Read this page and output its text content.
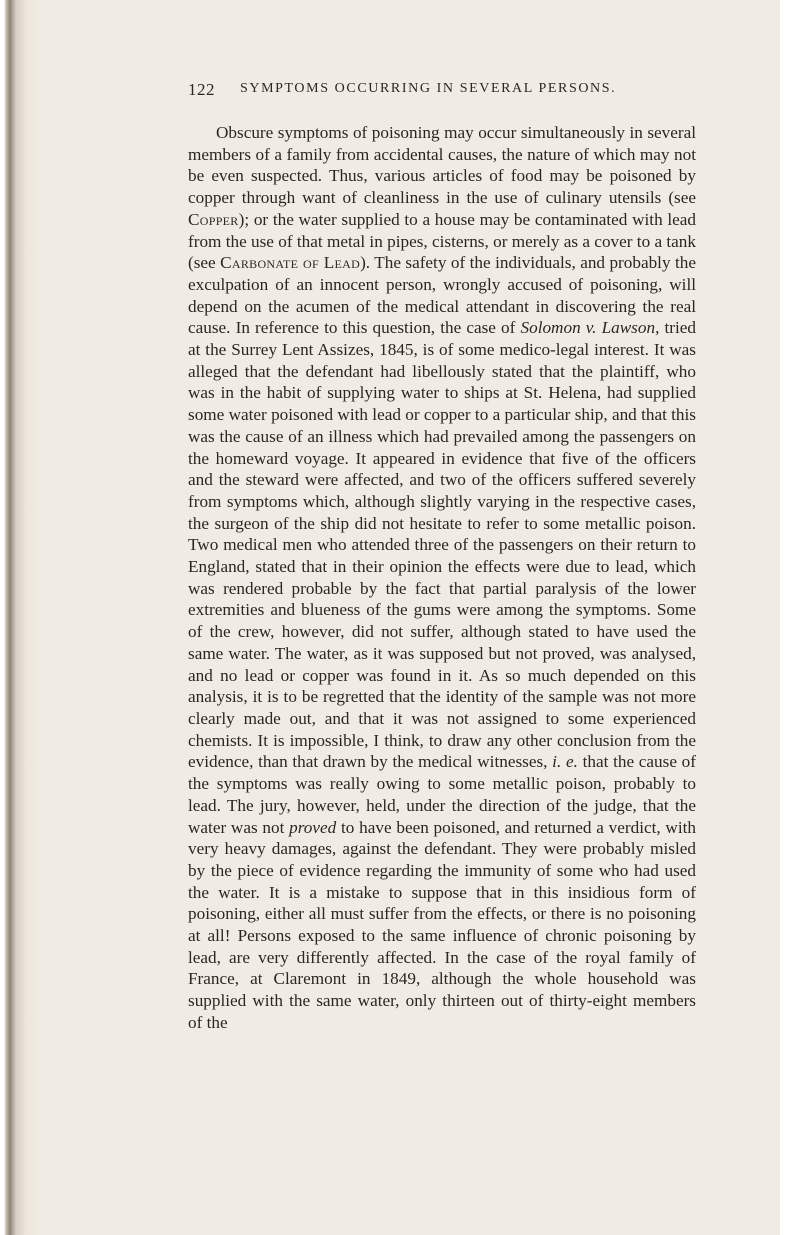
122 SYMPTOMS OCCURRING IN SEVERAL PERSONS.

Obscure symptoms of poisoning may occur simultaneously in several members of a family from accidental causes, the nature of which may not be even suspected. Thus, various articles of food may be poisoned by copper through want of cleanliness in the use of culinary utensils (see Copper); or the water supplied to a house may be contaminated with lead from the use of that metal in pipes, cisterns, or merely as a cover to a tank (see Carbonate of Lead). The safety of the individuals, and probably the exculpation of an innocent person, wrongly accused of poisoning, will depend on the acumen of the medical attendant in discovering the real cause. In reference to this question, the case of Solomon v. Lawson, tried at the Surrey Lent Assizes, 1845, is of some medico-legal interest. It was alleged that the defendant had libellously stated that the plaintiff, who was in the habit of supplying water to ships at St. Helena, had supplied some water poisoned with lead or copper to a particular ship, and that this was the cause of an illness which had prevailed among the passengers on the homeward voyage. It appeared in evidence that five of the officers and the steward were affected, and two of the officers suffered severely from symptoms which, although slightly varying in the respective cases, the surgeon of the ship did not hesitate to refer to some metallic poison. Two medical men who attended three of the passengers on their return to England, stated that in their opinion the effects were due to lead, which was rendered probable by the fact that partial paralysis of the lower extremities and blueness of the gums were among the symptoms. Some of the crew, however, did not suffer, although stated to have used the same water. The water, as it was supposed but not proved, was analysed, and no lead or copper was found in it. As so much depended on this analysis, it is to be regretted that the identity of the sample was not more clearly made out, and that it was not assigned to some experienced chemists. It is impossible, I think, to draw any other conclusion from the evidence, than that drawn by the medical witnesses, i. e. that the cause of the symptoms was really owing to some metallic poison, probably to lead. The jury, however, held, under the direction of the judge, that the water was not proved to have been poisoned, and returned a verdict, with very heavy damages, against the defendant. They were probably misled by the piece of evidence regarding the immunity of some who had used the water. It is a mistake to suppose that in this insidious form of poisoning, either all must suffer from the effects, or there is no poisoning at all! Persons exposed to the same influence of chronic poisoning by lead, are very differently affected. In the case of the royal family of France, at Claremont in 1849, although the whole household was supplied with the same water, only thirteen out of thirty-eight members of the
